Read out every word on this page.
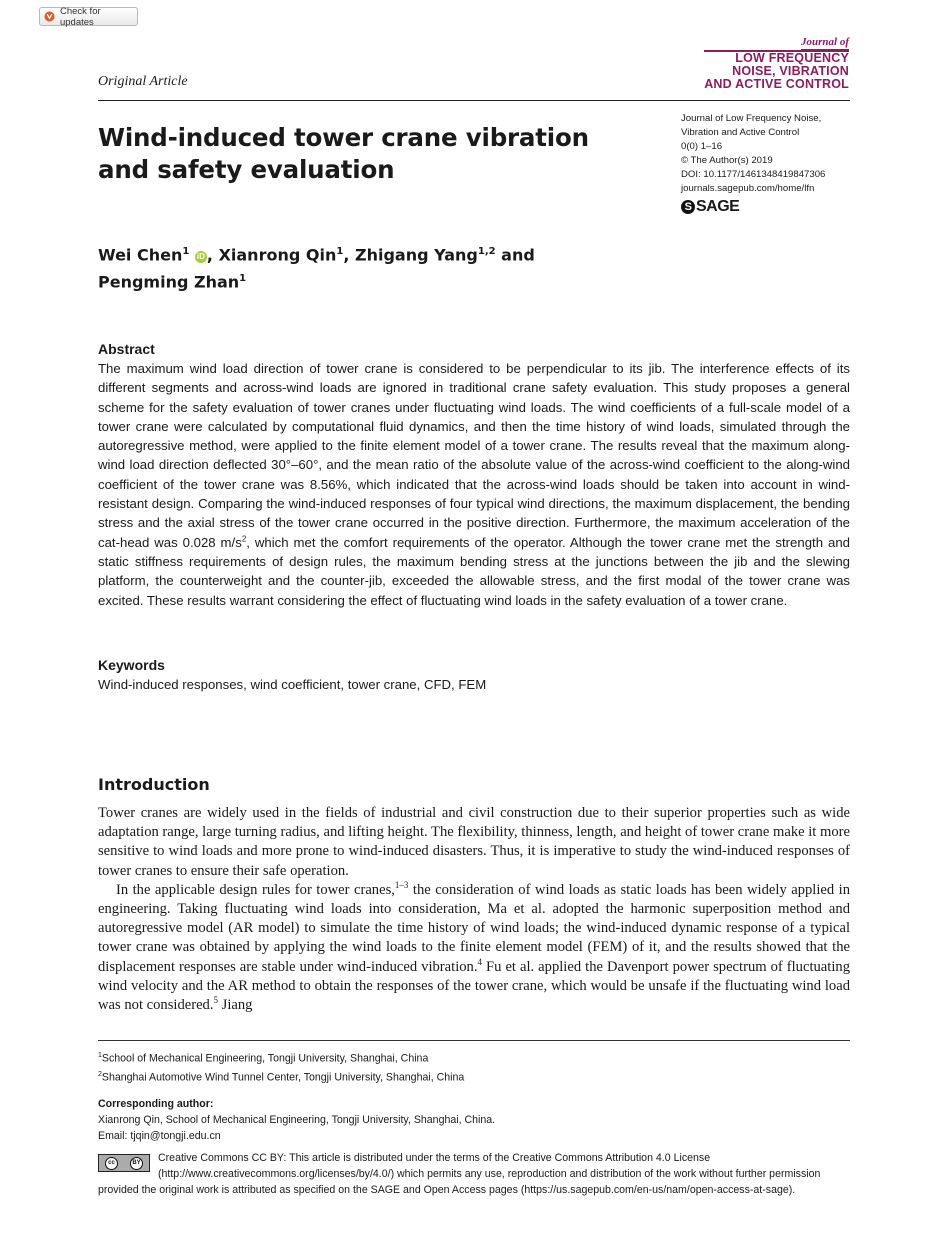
Check for updates
Original Article
Journal of
LOW FREQUENCY
NOISE, VIBRATION
AND ACTIVE CONTROL
Wind-induced tower crane vibration
and safety evaluation
Journal of Low Frequency Noise,
Vibration and Active Control
0(0) 1–16
© The Author(s) 2019
DOI: 10.1177/1461348419847306
journals.sagepub.com/home/lfn
S SAGE
Wei Chen$^1$ iD , Xianrong Qin$^1$, Zhigang Yang$^{1,2}$ and
Pengming Zhan$^1$
Abstract
The maximum wind load direction of tower crane is considered to be perpendicular to its jib. The interference effects of its different segments and across-wind loads are ignored in traditional crane safety evaluation. This study proposes a general scheme for the safety evaluation of tower cranes under fluctuating wind loads. The wind coefficients of a full-scale model of a tower crane were calculated by computational fluid dynamics, and then the time history of wind loads, simulated through the autoregressive method, were applied to the finite element model of a tower crane. The results reveal that the maximum along-wind load direction deflected 30°–60°, and the mean ratio of the absolute value of the across-wind coefficient to the along-wind coefficient of the tower crane was 8.56%, which indicated that the across-wind loads should be taken into account in wind-resistant design. Comparing the wind-induced responses of four typical wind directions, the maximum displacement, the bending stress and the axial stress of the tower crane occurred in the positive direction. Furthermore, the maximum acceleration of the cat-head was 0.028 $m/s^2$, which met the comfort requirements of the operator. Although the tower crane met the strength and static stiffness requirements of design rules, the maximum bending stress at the junctions between the jib and the slewing platform, the counterweight and the counter-jib, exceeded the allowable stress, and the first modal of the tower crane was excited. These results warrant considering the effect of fluctuating wind loads in the safety evaluation of a tower crane.
Keywords
Wind-induced responses, wind coefficient, tower crane, CFD, FEM
Introduction

Tower cranes are widely used in the fields of industrial and civil construction due to their superior properties such as wide adaptation range, large turning radius, and lifting height. The flexibility, thinness, length, and height of tower crane make it more sensitive to wind loads and more prone to wind-induced disasters. Thus, it is imperative to study the wind-induced responses of tower cranes to ensure their safe operation.

In the applicable design rules for tower cranes,$^{1-3}$ the consideration of wind loads as static loads has been widely applied in engineering. Taking fluctuating wind loads into consideration, Ma et al. adopted the harmonic superposition method and autoregressive model (AR model) to simulate the time history of wind loads; the wind-induced dynamic response of a typical tower crane was obtained by applying the wind loads to the finite element model (FEM) of it, and the results showed that the displacement responses are stable under wind-induced vibration.$^4$ Fu et al. applied the Davenport power spectrum of fluctuating wind velocity and the AR method to obtain the responses of the tower crane, which would be unsafe if the fluctuating wind load was not considered.$^5$ Jiang

$^1$School of Mechanical Engineering, Tongji University, Shanghai, China
$^2$Shanghai Automotive Wind Tunnel Center, Tongji University, Shanghai, China
Corresponding author:
Xianrong Qin, School of Mechanical Engineering, Tongji University, Shanghai, China.
Email: tjqin@tongji.edu.cn
cc	BY Creative Commons CC BY: This article is distributed under the terms of the Creative Commons Attribution 4.0 License (http://www.creativecommons.org/licenses/by/4.0/) which permits any use, reproduction and distribution of the work without further permission provided the original work is attributed as specified on the SAGE and Open Access pages (https://us.sagepub.com/en-us/nam/open-access-at-sage).
